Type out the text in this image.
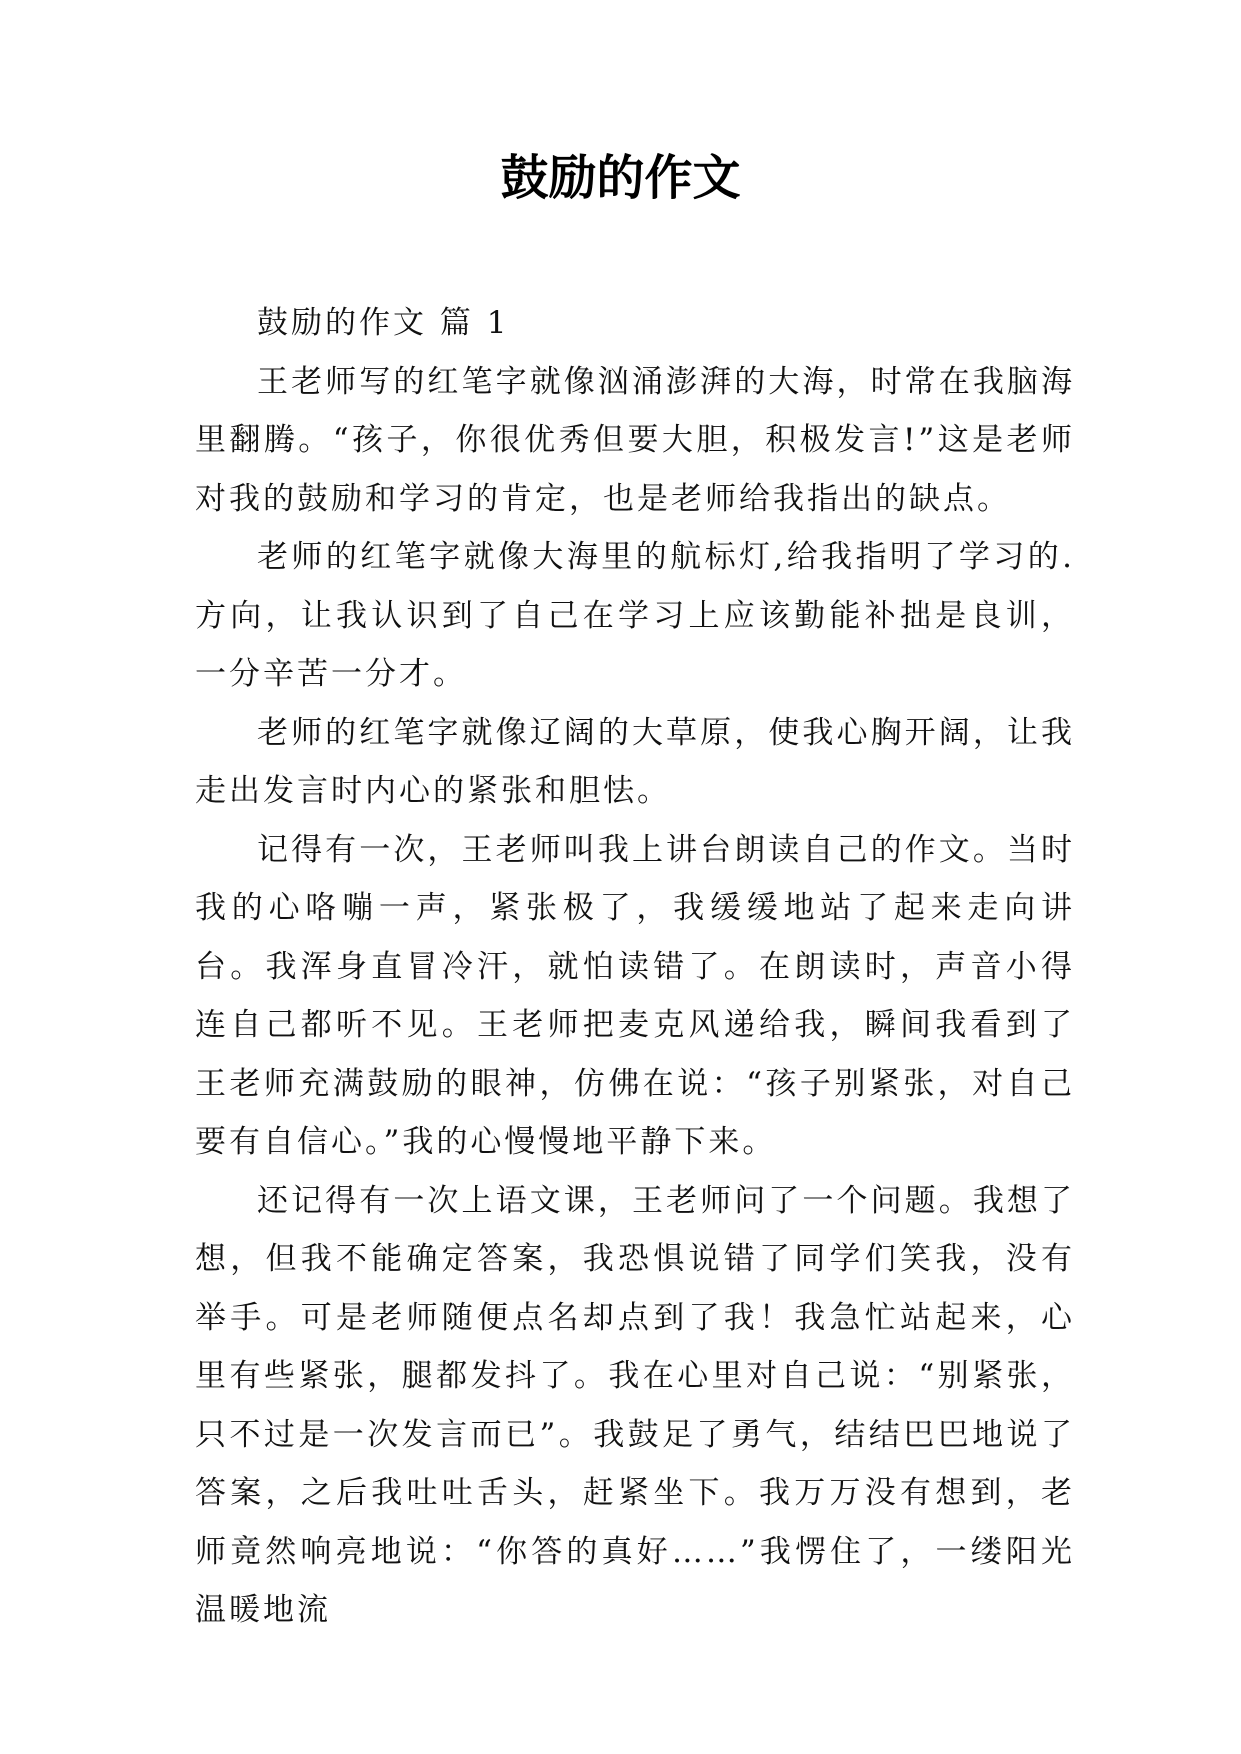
鼓励的作文
鼓励的作文 篇 1

王老师写的红笔字就像汹涌澎湃的大海，时常在我脑海里翻腾。“孩子，你很优秀但要大胆，积极发言!”这是老师对我的鼓励和学习的肯定，也是老师给我指出的缺点。

老师的红笔字就像大海里的航标灯,给我指明了学习的.方向，让我认识到了自己在学习上应该勤能补拙是良训，一分辛苦一分才。

老师的红笔字就像辽阔的大草原，使我心胸开阔，让我走出发言时内心的紧张和胆怯。

记得有一次，王老师叫我上讲台朗读自己的作文。当时我的心咯嘣一声，紧张极了，我缓缓地站了起来走向讲台。我浑身直冒冷汗，就怕读错了。在朗读时，声音小得连自己都听不见。王老师把麦克风递给我，瞬间我看到了王老师充满鼓励的眼神，仿佛在说：“孩子别紧张，对自己要有自信心。”我的心慢慢地平静下来。

还记得有一次上语文课，王老师问了一个问题。我想了想，但我不能确定答案，我恐惧说错了同学们笑我，没有举手。可是老师随便点名却点到了我！我急忙站起来，心里有些紧张，腿都发抖了。我在心里对自己说：“别紧张，只不过是一次发言而已”。我鼓足了勇气，结结巴巴地说了答案，之后我吐吐舌头，赶紧坐下。我万万没有想到，老师竟然响亮地说：“你答的真好……”我愣住了，一缕阳光温暖地流
